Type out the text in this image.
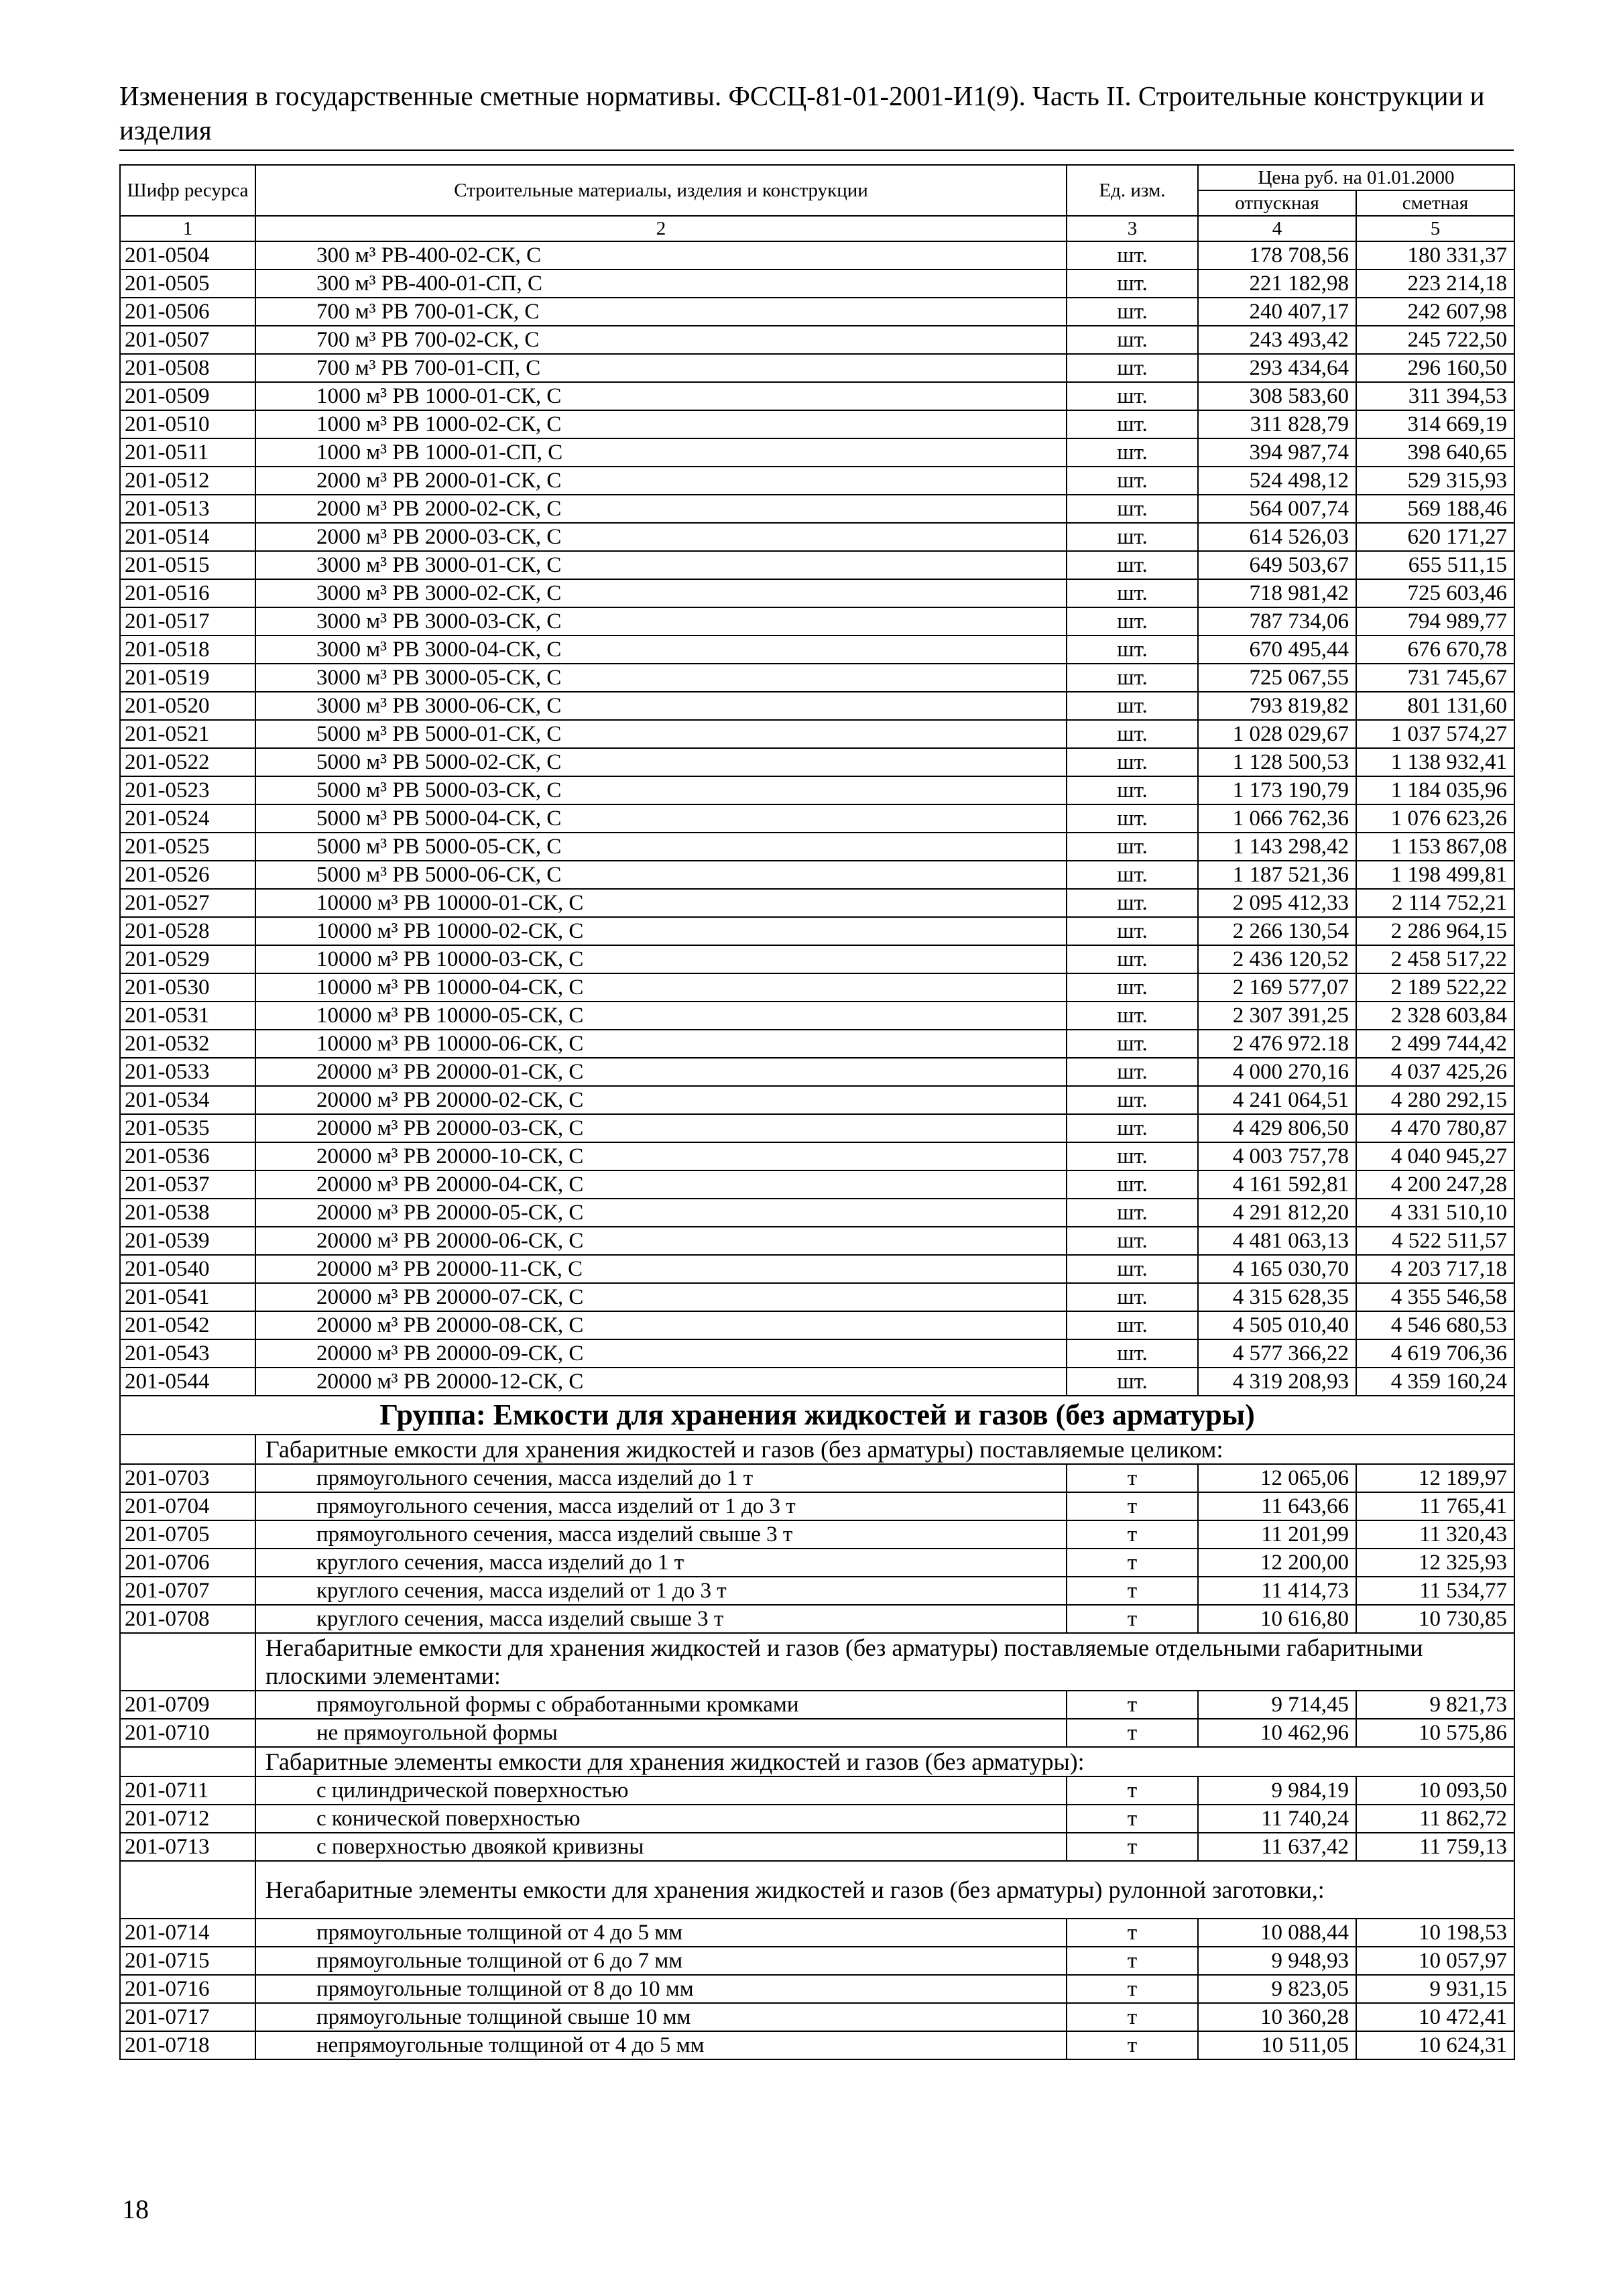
Изменения в государственные сметные нормативы. ФССЦ-81-01-2001-И1(9). Часть II. Строительные конструкции и изделия
Шифр ресурса	Строительные материалы, изделия и конструкции	Ед. изм.	Цена руб. на 01.01.2000	
			отпускная	сметная
1	2	3	4	5
201-0504	300 м³ РВ-400-02-СК, С	шт.	178 708,56	180 331,37
201-0505	300 м³ РВ-400-01-СП, С	шт.	221 182,98	223 214,18
201-0506	700 м³ РВ 700-01-СК, С	шт.	240 407,17	242 607,98
201-0507	700 м³ РВ 700-02-СК, С	шт.	243 493,42	245 722,50
201-0508	700 м³ РВ 700-01-СП, С	шт.	293 434,64	296 160,50
201-0509	1000 м³ РВ 1000-01-СК, С	шт.	308 583,60	311 394,53
201-0510	1000 м³ РВ 1000-02-СК, С	шт.	311 828,79	314 669,19
201-0511	1000 м³ РВ 1000-01-СП, С	шт.	394 987,74	398 640,65
201-0512	2000 м³ РВ 2000-01-СК, С	шт.	524 498,12	529 315,93
201-0513	2000 м³ РВ 2000-02-СК, С	шт.	564 007,74	569 188,46
201-0514	2000 м³ РВ 2000-03-СК, С	шт.	614 526,03	620 171,27
201-0515	3000 м³ РВ 3000-01-СК, С	шт.	649 503,67	655 511,15
201-0516	3000 м³ РВ 3000-02-СК, С	шт.	718 981,42	725 603,46
201-0517	3000 м³ РВ 3000-03-СК, С	шт.	787 734,06	794 989,77
201-0518	3000 м³ РВ 3000-04-СК, С	шт.	670 495,44	676 670,78
201-0519	3000 м³ РВ 3000-05-СК, С	шт.	725 067,55	731 745,67
201-0520	3000 м³ РВ 3000-06-СК, С	шт.	793 819,82	801 131,60
201-0521	5000 м³ РВ 5000-01-СК, С	шт.	1 028 029,67	1 037 574,27
201-0522	5000 м³ РВ 5000-02-СК, С	шт.	1 128 500,53	1 138 932,41
201-0523	5000 м³ РВ 5000-03-СК, С	шт.	1 173 190,79	1 184 035,96
201-0524	5000 м³ РВ 5000-04-СК, С	шт.	1 066 762,36	1 076 623,26
201-0525	5000 м³ РВ 5000-05-СК, С	шт.	1 143 298,42	1 153 867,08
201-0526	5000 м³ РВ 5000-06-СК, С	шт.	1 187 521,36	1 198 499,81
201-0527	10000 м³ РВ 10000-01-СК, С	шт.	2 095 412,33	2 114 752,21
201-0528	10000 м³ РВ 10000-02-СК, С	шт.	2 266 130,54	2 286 964,15
201-0529	10000 м³ РВ 10000-03-СК, С	шт.	2 436 120,52	2 458 517,22
201-0530	10000 м³ РВ 10000-04-СК, С	шт.	2 169 577,07	2 189 522,22
201-0531	10000 м³ РВ 10000-05-СК, С	шт.	2 307 391,25	2 328 603,84
201-0532	10000 м³ РВ 10000-06-СК, С	шт.	2 476 972.18	2 499 744,42
201-0533	20000 м³ РВ 20000-01-СК, С	шт.	4 000 270,16	4 037 425,26
201-0534	20000 м³ РВ 20000-02-СК, С	шт.	4 241 064,51	4 280 292,15
201-0535	20000 м³ РВ 20000-03-СК, С	шт.	4 429 806,50	4 470 780,87
201-0536	20000 м³ РВ 20000-10-СК, С	шт.	4 003 757,78	4 040 945,27
201-0537	20000 м³ РВ 20000-04-СК, С	шт.	4 161 592,81	4 200 247,28
201-0538	20000 м³ РВ 20000-05-СК, С	шт.	4 291 812,20	4 331 510,10
201-0539	20000 м³ РВ 20000-06-СК, С	шт.	4 481 063,13	4 522 511,57
201-0540	20000 м³ РВ 20000-11-СК, С	шт.	4 165 030,70	4 203 717,18
201-0541	20000 м³ РВ 20000-07-СК, С	шт.	4 315 628,35	4 355 546,58
201-0542	20000 м³ РВ 20000-08-СК, С	шт.	4 505 010,40	4 546 680,53
201-0543	20000 м³ РВ 20000-09-СК, С	шт.	4 577 366,22	4 619 706,36
201-0544	20000 м³ РВ 20000-12-СК, С	шт.	4 319 208,93	4 359 160,24
Группа: Емкости для хранения жидкостей и газов (без арматуры)				
	Габаритные емкости для хранения жидкостей и газов (без арматуры) поставляемые целиком:			
201-0703	прямоугольного сечения, масса изделий до 1 т	т	12 065,06	12 189,97
201-0704	прямоугольного сечения, масса изделий от 1 до 3 т	т	11 643,66	11 765,41
201-0705	прямоугольного сечения, масса изделий свыше 3 т	т	11 201,99	11 320,43
201-0706	круглого сечения, масса изделий до 1 т	т	12 200,00	12 325,93
201-0707	круглого сечения, масса изделий от 1 до 3 т	т	11 414,73	11 534,77
201-0708	круглого сечения, масса изделий свыше 3 т	т	10 616,80	10 730,85
	Негабаритные емкости для хранения жидкостей и газов (без арматуры) поставляемые отдельными габаритными плоскими элементами:			
201-0709	прямоугольной формы с обработанными кромками	т	9 714,45	9 821,73
201-0710	не прямоугольной формы	т	10 462,96	10 575,86
	Габаритные элементы емкости для хранения жидкостей и газов (без арматуры):			
201-0711	с цилиндрической поверхностью	т	9 984,19	10 093,50
201-0712	с конической поверхностью	т	11 740,24	11 862,72
201-0713	с поверхностью двоякой кривизны	т	11 637,42	11 759,13
	Негабаритные элементы емкости для хранения жидкостей и газов (без арматуры) рулонной заготовки,:			
201-0714	прямоугольные толщиной от 4 до 5 мм	т	10 088,44	10 198,53
201-0715	прямоугольные толщиной от 6 до 7 мм	т	9 948,93	10 057,97
201-0716	прямоугольные толщиной от 8 до 10 мм	т	9 823,05	9 931,15
201-0717	прямоугольные толщиной свыше 10 мм	т	10 360,28	10 472,41
201-0718	непрямоугольные толщиной от 4 до 5 мм	т	10 511,05	10 624,31
18
